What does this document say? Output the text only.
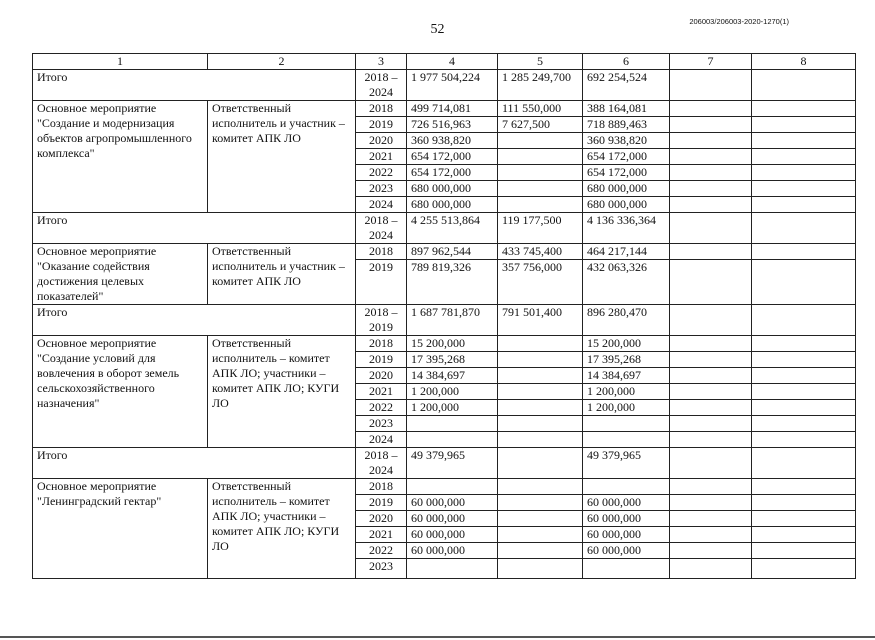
52
206003/206003-2020-1270(1)
1	2	3	4	5	6	7	8
Итого		2018 – 2024	1 977 504,224	1 285 249,700	692 254,524		
Основное мероприятие "Создание и модернизация объектов агропромышленного комплекса"	Ответственный исполнитель и участник – комитет АПК ЛО	2018	499 714,081	111 550,000	388 164,081		
		2019	726 516,963	7 627,500	718 889,463		
		2020	360 938,820		360 938,820		
		2021	654 172,000		654 172,000		
		2022	654 172,000		654 172,000		
		2023	680 000,000		680 000,000		
		2024	680 000,000		680 000,000		
Итого		2018 – 2024	4 255 513,864	119 177,500	4 136 336,364		
Основное мероприятие "Оказание содействия достижения целевых показателей"	Ответственный исполнитель и участник – комитет АПК ЛО	2018	897 962,544	433 745,400	464 217,144		
		2019	789 819,326	357 756,000	432 063,326		
Итого		2018 – 2019	1 687 781,870	791 501,400	896 280,470		
Основное мероприятие "Создание условий для вовлечения в оборот земель сельскохозяйственного назначения"	Ответственный исполнитель – комитет АПК ЛО; участники – комитет АПК ЛО; КУГИ ЛО	2018	15 200,000		15 200,000		
		2019	17 395,268		17 395,268		
		2020	14 384,697		14 384,697		
		2021	1 200,000		1 200,000		
		2022	1 200,000		1 200,000		
		2023					
		2024					
Итого		2018 – 2024	49 379,965		49 379,965		
Основное мероприятие "Ленинградский гектар"	Ответственный исполнитель – комитет АПК ЛО; участники – комитет АПК ЛО; КУГИ ЛО	2018					
		2019	60 000,000		60 000,000		
		2020	60 000,000		60 000,000		
		2021	60 000,000		60 000,000		
		2022	60 000,000		60 000,000		
		2023					
